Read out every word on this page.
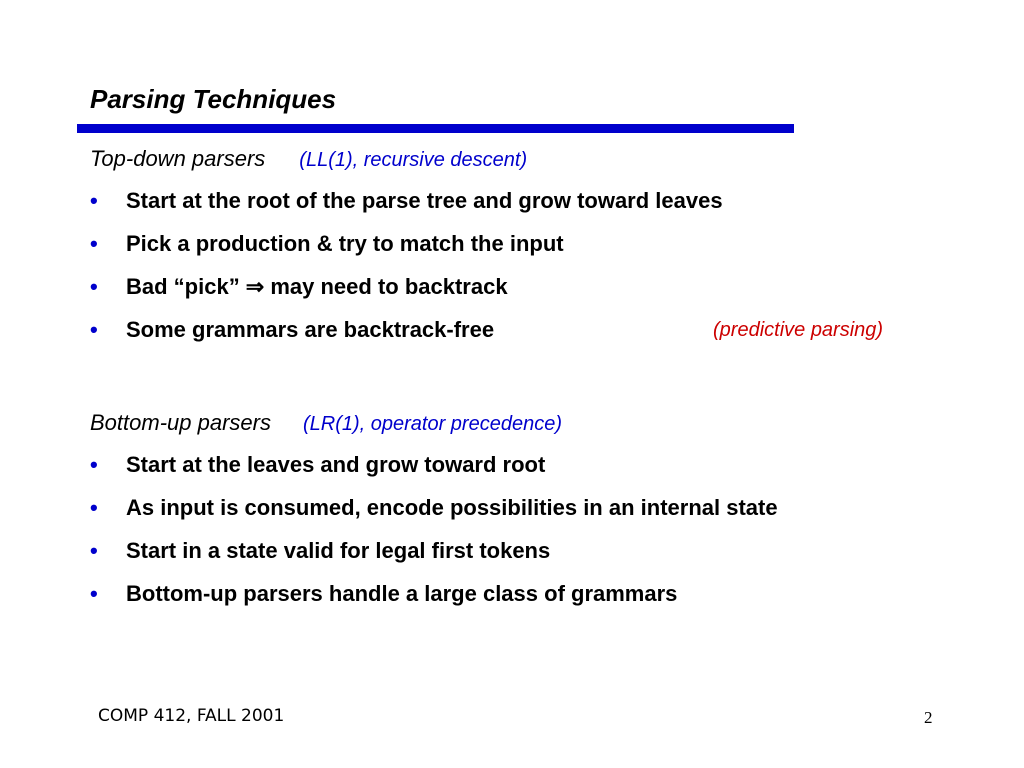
Parsing Techniques
Top-down parsers (LL(1), recursive descent)
• Start at the root of the parse tree and grow toward leaves
• Pick a production & try to match the input
• Bad “pick” ⇒ may need to backtrack
• Some grammars are backtrack-free	(predictive parsing)
Bottom-up parsers (LR(1), operator precedence)
• Start at the leaves and grow toward root
• As input is consumed, encode possibilities in an internal state
• Start in a state valid for legal first tokens
• Bottom-up parsers handle a large class of grammars
COMP 412, FALL 2001	2
